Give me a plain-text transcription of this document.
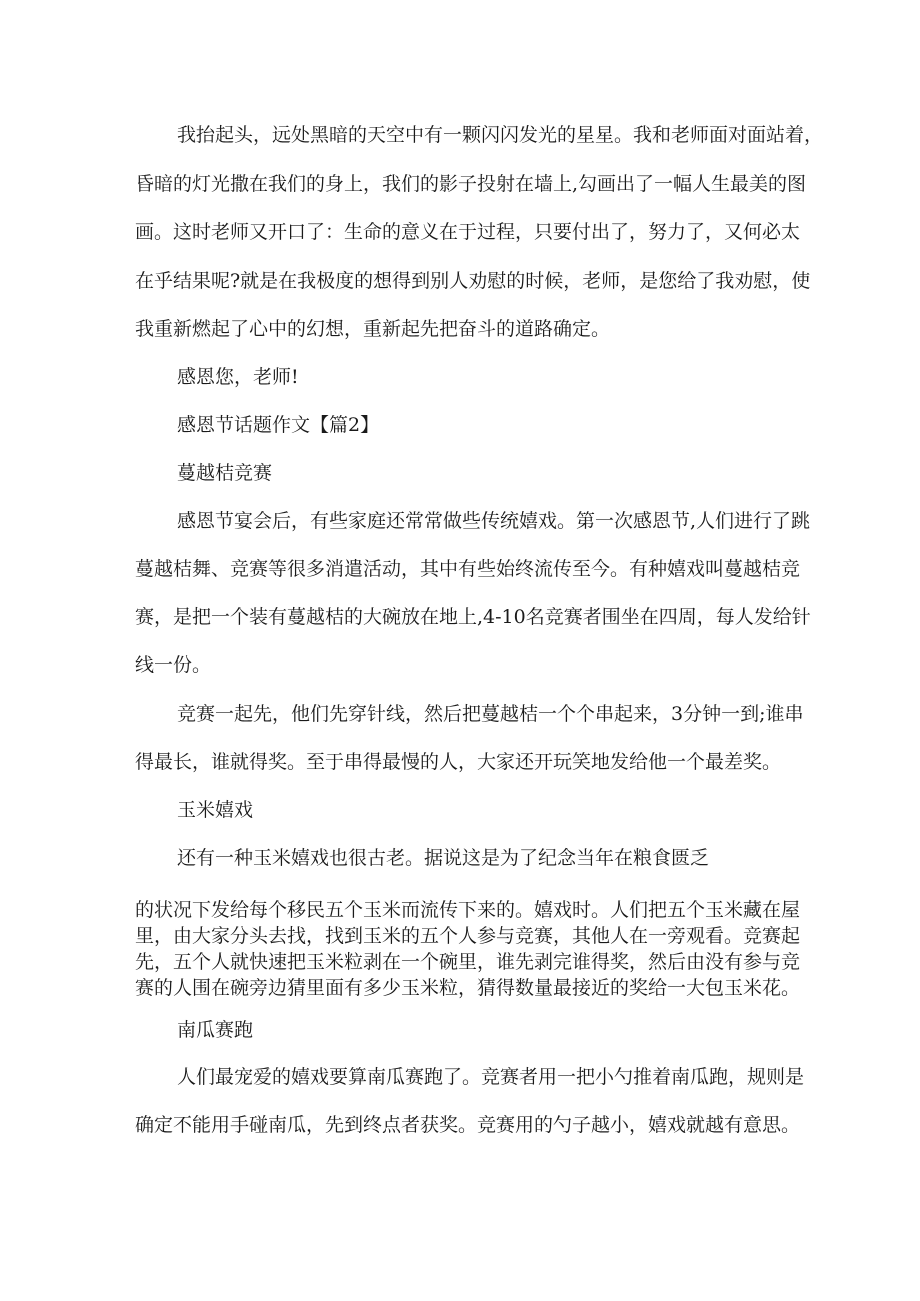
我抬起头，远处黑暗的天空中有一颗闪闪发光的星星。我和老师面对面站着，

昏暗的灯光撒在我们的身上，我们的影子投射在墙上,勾画出了一幅人生最美的图

画。这时老师又开口了：生命的意义在于过程，只要付出了，努力了，又何必太

在乎结果呢?就是在我极度的想得到别人劝慰的时候，老师，是您给了我劝慰，使

我重新燃起了心中的幻想，重新起先把奋斗的道路确定。

感恩您，老师!

感恩节话题作文【篇2】

蔓越桔竞赛

感恩节宴会后，有些家庭还常常做些传统嬉戏。第一次感恩节,人们进行了跳

蔓越桔舞、竞赛等很多消遣活动，其中有些始终流传至今。有种嬉戏叫蔓越桔竞

赛，是把一个装有蔓越桔的大碗放在地上,4-10名竞赛者围坐在四周，每人发给针

线一份。

竞赛一起先，他们先穿针线，然后把蔓越桔一个个串起来，3分钟一到;谁串

得最长，谁就得奖。至于串得最慢的人，大家还开玩笑地发给他一个最差奖。

玉米嬉戏

还有一种玉米嬉戏也很古老。据说这是为了纪念当年在粮食匮乏

的状况下发给每个移民五个玉米而流传下来的。嬉戏时。人们把五个玉米藏在屋

里，由大家分头去找，找到玉米的五个人参与竞赛，其他人在一旁观看。竞赛起

先，五个人就快速把玉米粒剥在一个碗里，谁先剥完谁得奖，然后由没有参与竞

赛的人围在碗旁边猜里面有多少玉米粒，猜得数量最接近的奖给一大包玉米花。

南瓜赛跑

人们最宠爱的嬉戏要算南瓜赛跑了。竞赛者用一把小勺推着南瓜跑，规则是

确定不能用手碰南瓜，先到终点者获奖。竞赛用的勺子越小，嬉戏就越有意思。
